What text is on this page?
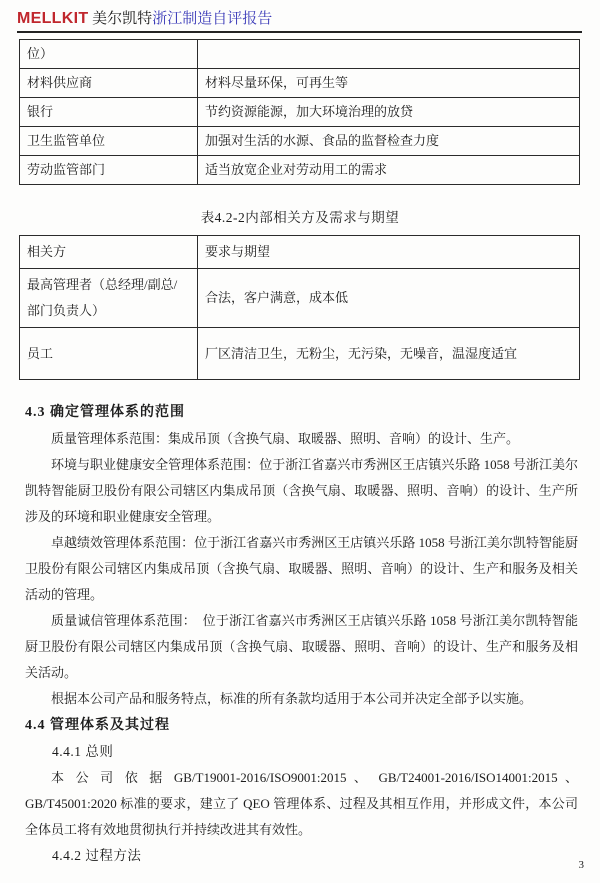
MELLKIT 美尔凯特浙江制造自评报告
位）	
材料供应商	材料尽量环保，可再生等
银行	节约资源能源，加大环境治理的放贷
卫生监管单位	加强对生活的水源、食品的监督检查力度
劳动监管部门	适当放宽企业对劳动用工的需求
表4.2-2内部相关方及需求与期望
相关方	要求与期望
最高管理者（总经理/副总/部门负责人）	合法，客户满意，成本低
员工	厂区清洁卫生，无粉尘，无污染，无噪音，温湿度适宜
4.3 确定管理体系的范围

质量管理体系范围：集成吊顶（含换气扇、取暖器、照明、音响）的设计、生产。

环境与职业健康安全管理体系范围：位于浙江省嘉兴市秀洲区王店镇兴乐路 1058 号浙江美尔凯特智能厨卫股份有限公司辖区内集成吊顶（含换气扇、取暖器、照明、音响）的设计、生产所涉及的环境和职业健康安全管理。

卓越绩效管理体系范围：位于浙江省嘉兴市秀洲区王店镇兴乐路 1058 号浙江美尔凯特智能厨卫股份有限公司辖区内集成吊顶（含换气扇、取暖器、照明、音响）的设计、生产和服务及相关活动的管理。

质量诚信管理体系范围：　位于浙江省嘉兴市秀洲区王店镇兴乐路 1058 号浙江美尔凯特智能厨卫股份有限公司辖区内集成吊顶（含换气扇、取暖器、照明、音响）的设计、生产和服务及相关活动。

根据本公司产品和服务特点，标准的所有条款均适用于本公司并决定全部予以实施。

4.4 管理体系及其过程
4.4.1 总则

本 公 司 依 据 GB/T19001-2016/ISO9001:2015 、 GB/T24001-2016/ISO14001:2015 、GB/T45001:2020 标准的要求，建立了 QEO 管理体系、过程及其相互作用，并形成文件，本公司全体员工将有效地贯彻执行并持续改进其有效性。

4.4.2 过程方法
3
